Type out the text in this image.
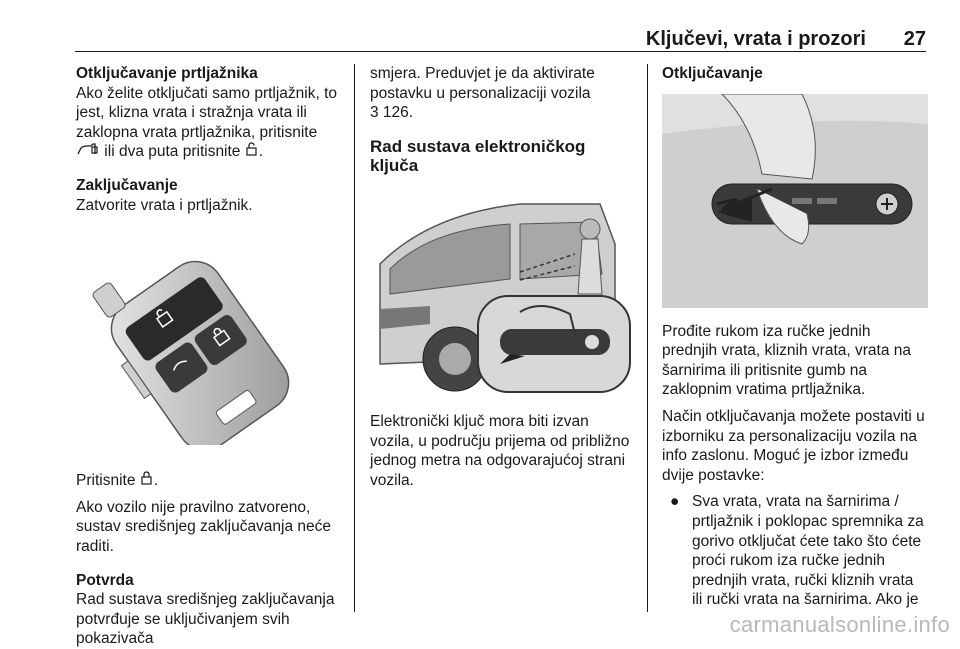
Ključevi, vrata i prozori 27

Otključavanje prtljažnika

Ako želite otključati samo prtljažnik, to jest, klizna vrata i stražnja vrata ili zaklopna vrata prtljažnika, pritisnite  ili dva puta pritisnite .

Zaključavanje

Zatvorite vrata i prtljažnik.

Pritisnite .

Ako vozilo nije pravilno zatvoreno, sustav središnjeg zaključavanja neće raditi.

Potvrda

Rad sustava središnjeg zaključavanja potvrđuje se uključivanjem svih pokazivača

smjera. Preduvjet je da aktivirate postavku u personalizaciji vozila

3 126.

Rad sustava elektroničkog ključa

Elektronički ključ mora biti izvan vozila, u području prijema od približno jednog metra na odgovarajućoj strani vozila.

Otključavanje

Prođite rukom iza ručke jednih prednjih vrata, kliznih vrata, vrata na šarnirima ili pritisnite gumb na zaklopnim vratima prtljažnika.

Način otključavanja možete postaviti u izborniku za personalizaciju vozila na info zaslonu. Moguć je izbor između dvije postavke:

● Sva vrata, vrata na šarnirima / prtljažnik i poklopac spremnika za gorivo otključat ćete tako što ćete proći rukom iza ručke jednih prednjih vrata, ručki kliznih vrata ili ručki vrata na šarnirima. Ako je

carmanualsonline.info
